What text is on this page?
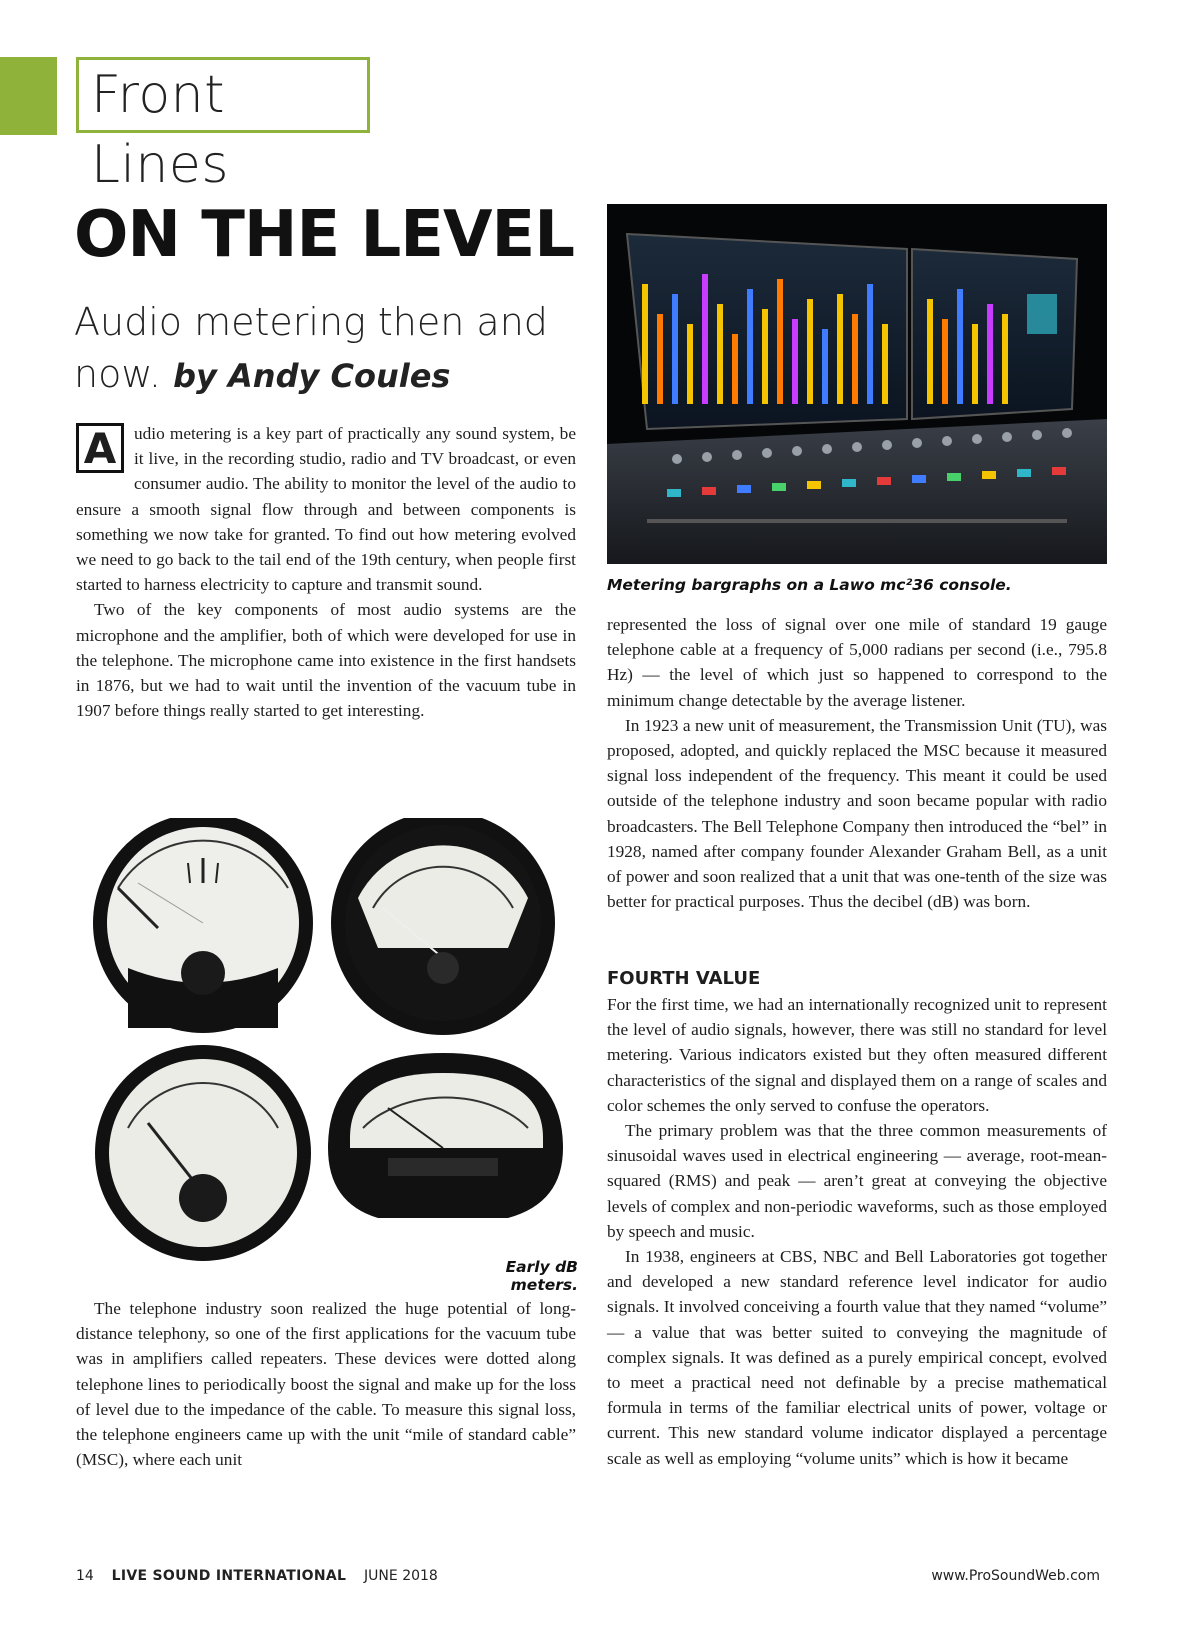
Front Lines
ON THE LEVEL
Audio metering then and now. by Andy Coules

A	udio metering is a key part of practically any sound system, be it live, in the recording studio, radio and TV broadcast, or even consumer audio. The ability to monitor the level of the audio to ensure a smooth signal flow through and between components is something we now take for granted. To find out how metering evolved we need to go back to the tail end of the 19th century, when people first started to harness electricity to capture and transmit sound.

Two of the key components of most audio systems are the microphone and the amplifier, both of which were developed for use in the telephone. The microphone came into existence in the first handsets in 1876, but we had to wait until the invention of the vacuum tube in 1907 before things really started to get interesting.

Early dB meters.

The telephone industry soon realized the huge potential of long-distance telephony, so one of the first applications for the vacuum tube was in amplifiers called repeaters. These devices were dotted along telephone lines to periodically boost the signal and make up for the loss of level due to the impedance of the cable. To measure this signal loss, the telephone engineers came up with the unit “mile of standard cable” (MSC), where each unit

Metering bargraphs on a Lawo mc²36 console.

represented the loss of signal over one mile of standard 19 gauge telephone cable at a frequency of 5,000 radians per second (i.e., 795.8 Hz) — the level of which just so happened to correspond to the minimum change detectable by the average listener.

In 1923 a new unit of measurement, the Transmission Unit (TU), was proposed, adopted, and quickly replaced the MSC because it measured signal loss independent of the frequency. This meant it could be used outside of the telephone industry and soon became popular with radio broadcasters. The Bell Telephone Company then introduced the “bel” in 1928, named after company founder Alexander Graham Bell, as a unit of power and soon realized that a unit that was one-tenth of the size was better for practical purposes. Thus the decibel (dB) was born.

FOURTH VALUE

For the first time, we had an internationally recognized unit to represent the level of audio signals, however, there was still no standard for level metering. Various indicators existed but they often measured different characteristics of the signal and displayed them on a range of scales and color schemes the only served to confuse the operators.

The primary problem was that the three common measurements of sinusoidal waves used in electrical engineering — average, root-mean-squared (RMS) and peak — aren’t great at conveying the objective levels of complex and non-periodic waveforms, such as those employed by speech and music.

In 1938, engineers at CBS, NBC and Bell Laboratories got together and developed a new standard reference level indicator for audio signals. It involved conceiving a fourth value that they named “volume” — a value that was better suited to conveying the magnitude of complex signals. It was defined as a purely empirical concept, evolved to meet a practical need not definable by a precise mathematical formula in terms of the familiar electrical units of power, voltage or current. This new standard volume indicator displayed a percentage scale as well as employing “volume units” which is how it became

14 LIVE SOUND INTERNATIONAL JUNE 2018	www.ProSoundWeb.com
